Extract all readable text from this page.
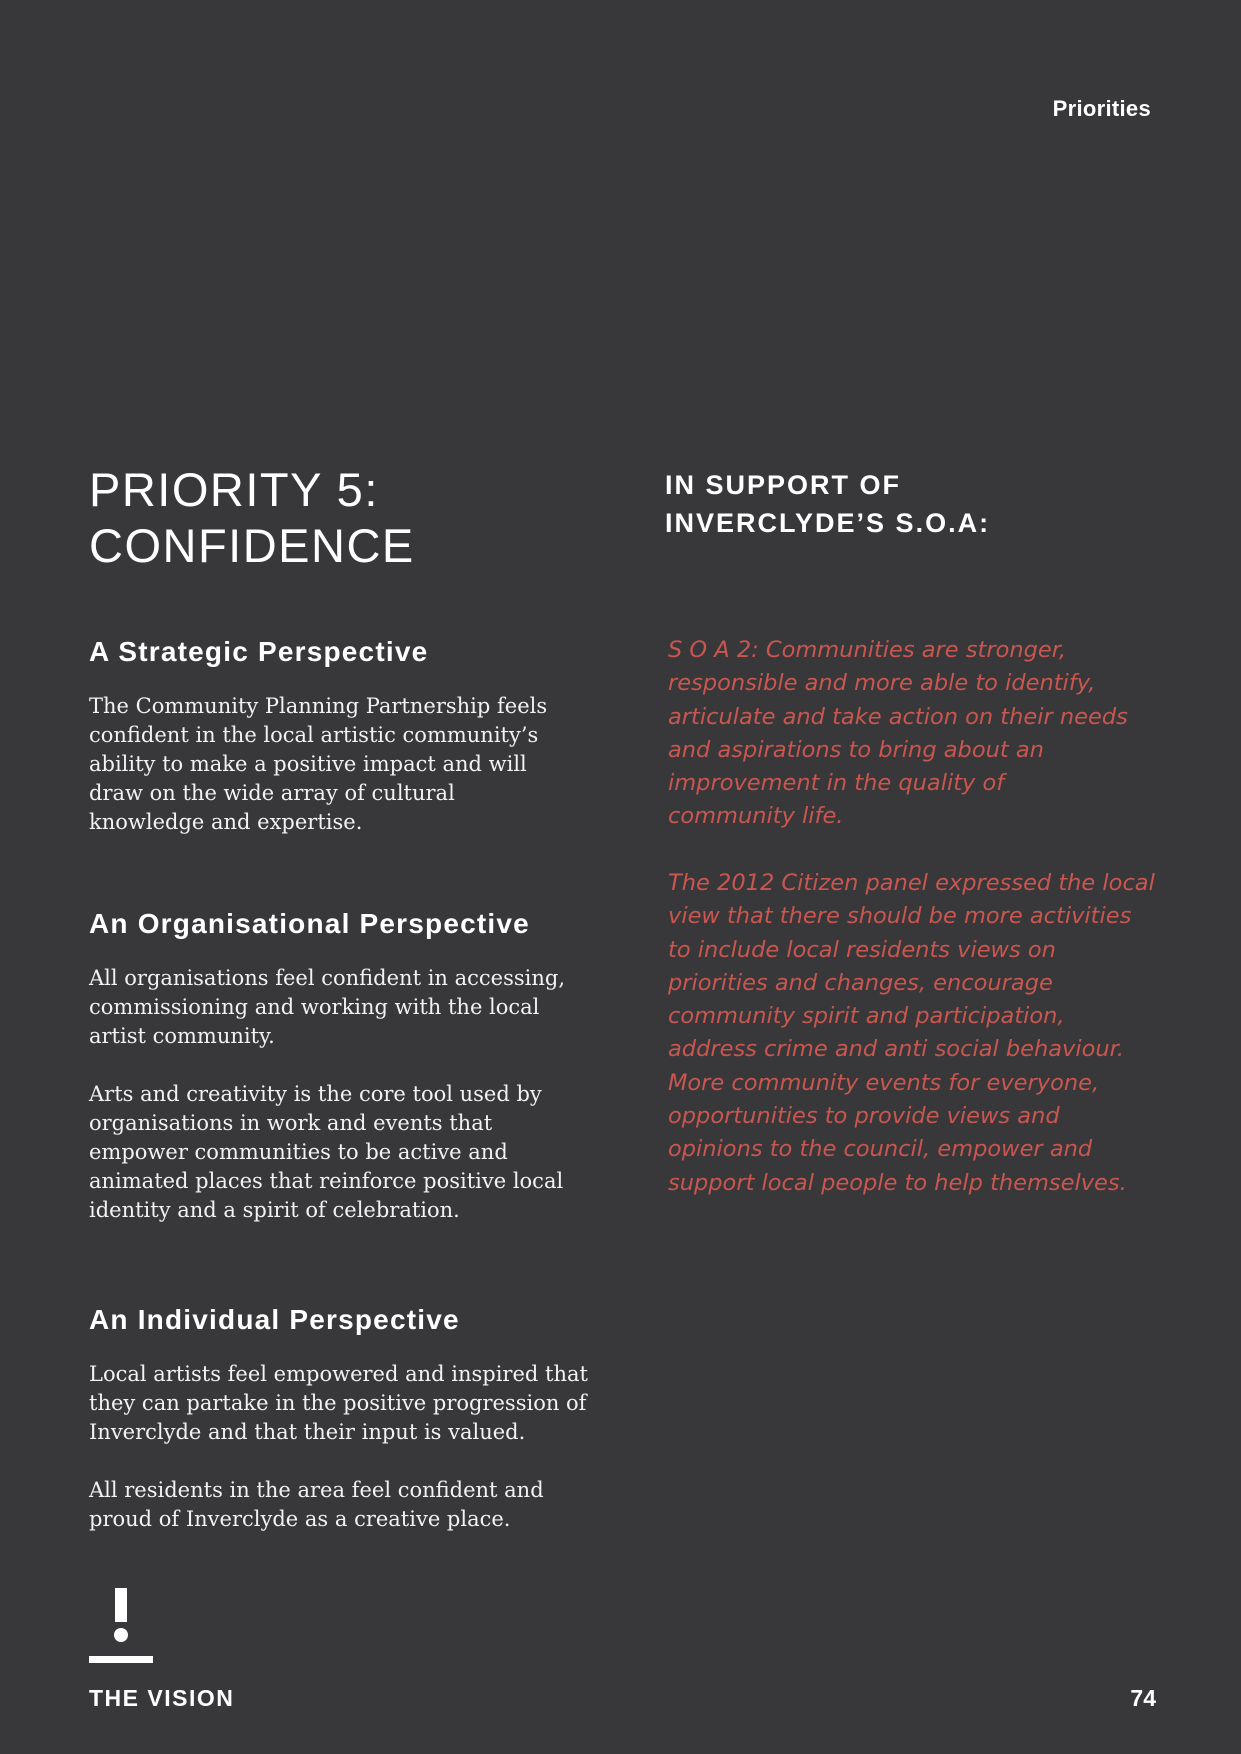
Priorities
PRIORITY 5:
CONFIDENCE
IN SUPPORT OF
INVERCLYDE’S S.O.A:
A Strategic Perspective

The Community Planning Partnership feels confident in the local artistic community’s ability to make a positive impact and will draw on the wide array of cultural knowledge and expertise.

An Organisational Perspective

All organisations feel confident in accessing, commissioning and working with the local artist community.

Arts and creativity is the core tool used by organisations in work and events that empower communities to be active and animated places that reinforce positive local identity and a spirit of celebration.

An Individual Perspective

Local artists feel empowered and inspired that they can partake in the positive progression of Inverclyde and that their input is valued.

All residents in the area feel confident and proud of Inverclyde as a creative place.

S O A 2: Communities are stronger, responsible and more able to identify, articulate and take action on their needs and aspirations to bring about an improvement in the quality of community life.

The 2012 Citizen panel expressed the local view that there should be more activities to include local residents views on priorities and changes, encourage community spirit and participation, address crime and anti social behaviour. More community events for everyone, opportunities to provide views and opinions to the council, empower and support local people to help themselves.

THE VISION	74
